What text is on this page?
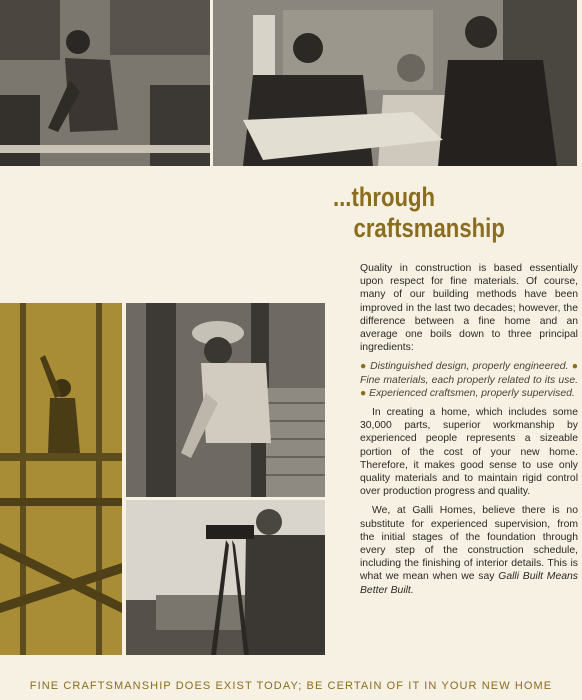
...through
craftsmanship

Quality in construction is based essentially upon respect for fine materials. Of course, many of our building methods have been improved in the last two decades; however, the difference between a fine home and an average one boils down to three principal ingredients:

● Distinguished design, properly engineered. ● Fine materials, each properly related to its use. ● Experienced craftsmen, properly supervised.

In creating a home, which includes some 30,000 parts, superior workmanship by experienced people represents a sizeable portion of the cost of your new home. Therefore, it makes good sense to use only quality materials and to maintain rigid control over production progress and quality.

We, at Galli Homes, believe there is no substitute for experienced supervision, from the initial stages of the foundation through every step of the construction schedule, including the finishing of interior details. This is what we mean when we say Galli Built Means Better Built.

FINE CRAFTSMANSHIP DOES EXIST TODAY; BE CERTAIN OF IT IN YOUR NEW HOME
